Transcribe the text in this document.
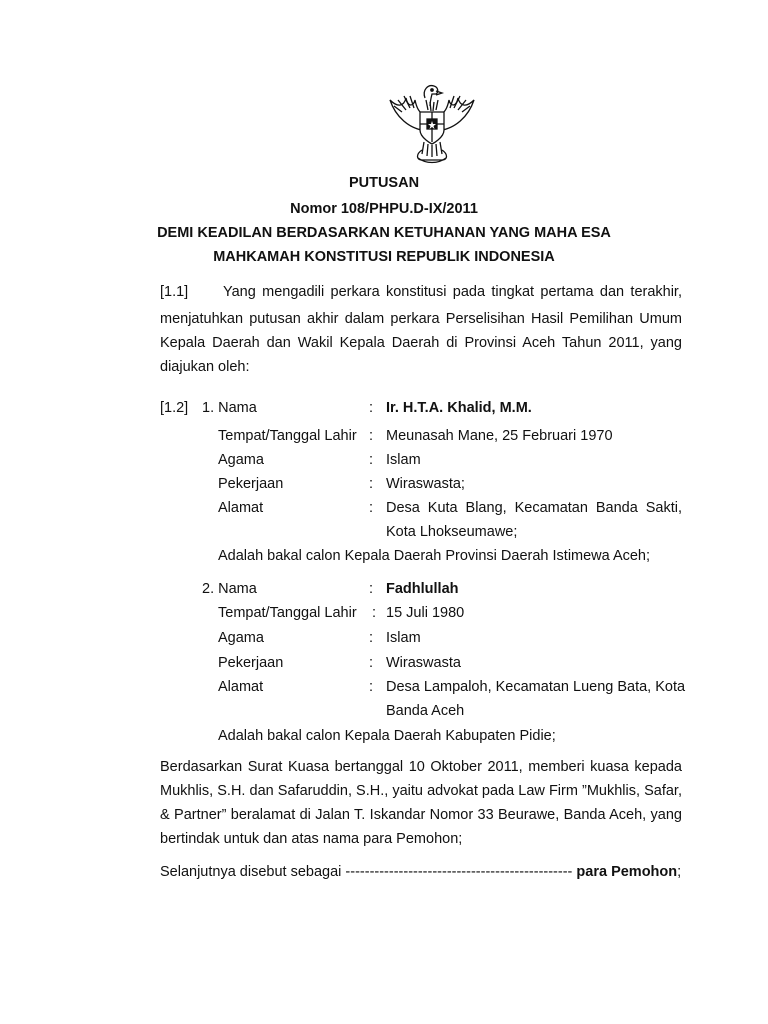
PUTUSAN
Nomor 108/PHPU.D-IX/2011
DEMI KEADILAN BERDASARKAN KETUHANAN YANG MAHA ESA
MAHKAMAH KONSTITUSI REPUBLIK INDONESIA
[1.1] Yang mengadili perkara konstitusi pada tingkat pertama dan terakhir,
menjatuhkan putusan akhir dalam perkara Perselisihan Hasil Pemilihan Umum
Kepala Daerah dan Wakil Kepala Daerah di Provinsi Aceh Tahun 2011, yang
diajukan oleh:
[1.2] 1. Nama	: Ir. H.T.A. Khalid, M.M.
Tempat/Tanggal Lahir : Meunasah Mane, 25 Februari 1970
Agama	: Islam
Pekerjaan	: Wiraswasta;
Alamat	: Desa Kuta Blang, Kecamatan Banda Sakti,
Kota Lhokseumawe;
Adalah bakal calon Kepala Daerah Provinsi Daerah Istimewa Aceh;
2. Nama	: Fadhlullah
Tempat/Tanggal Lahir : 15 Juli 1980
Agama	: Islam
Pekerjaan	: Wiraswasta
Alamat	: Desa Lampaloh, Kecamatan Lueng Bata, Kota
Banda Aceh
Adalah bakal calon Kepala Daerah Kabupaten Pidie;
Berdasarkan Surat Kuasa bertanggal 10 Oktober 2011, memberi kuasa kepada
Mukhlis, S.H. dan Safaruddin, S.H., yaitu advokat pada Law Firm ”Mukhlis, Safar,
& Partner” beralamat di Jalan T. Iskandar Nomor 33 Beurawe, Banda Aceh, yang
bertindak untuk dan atas nama para Pemohon;
Selanjutnya disebut sebagai ----------------------------------------------- para Pemohon;
